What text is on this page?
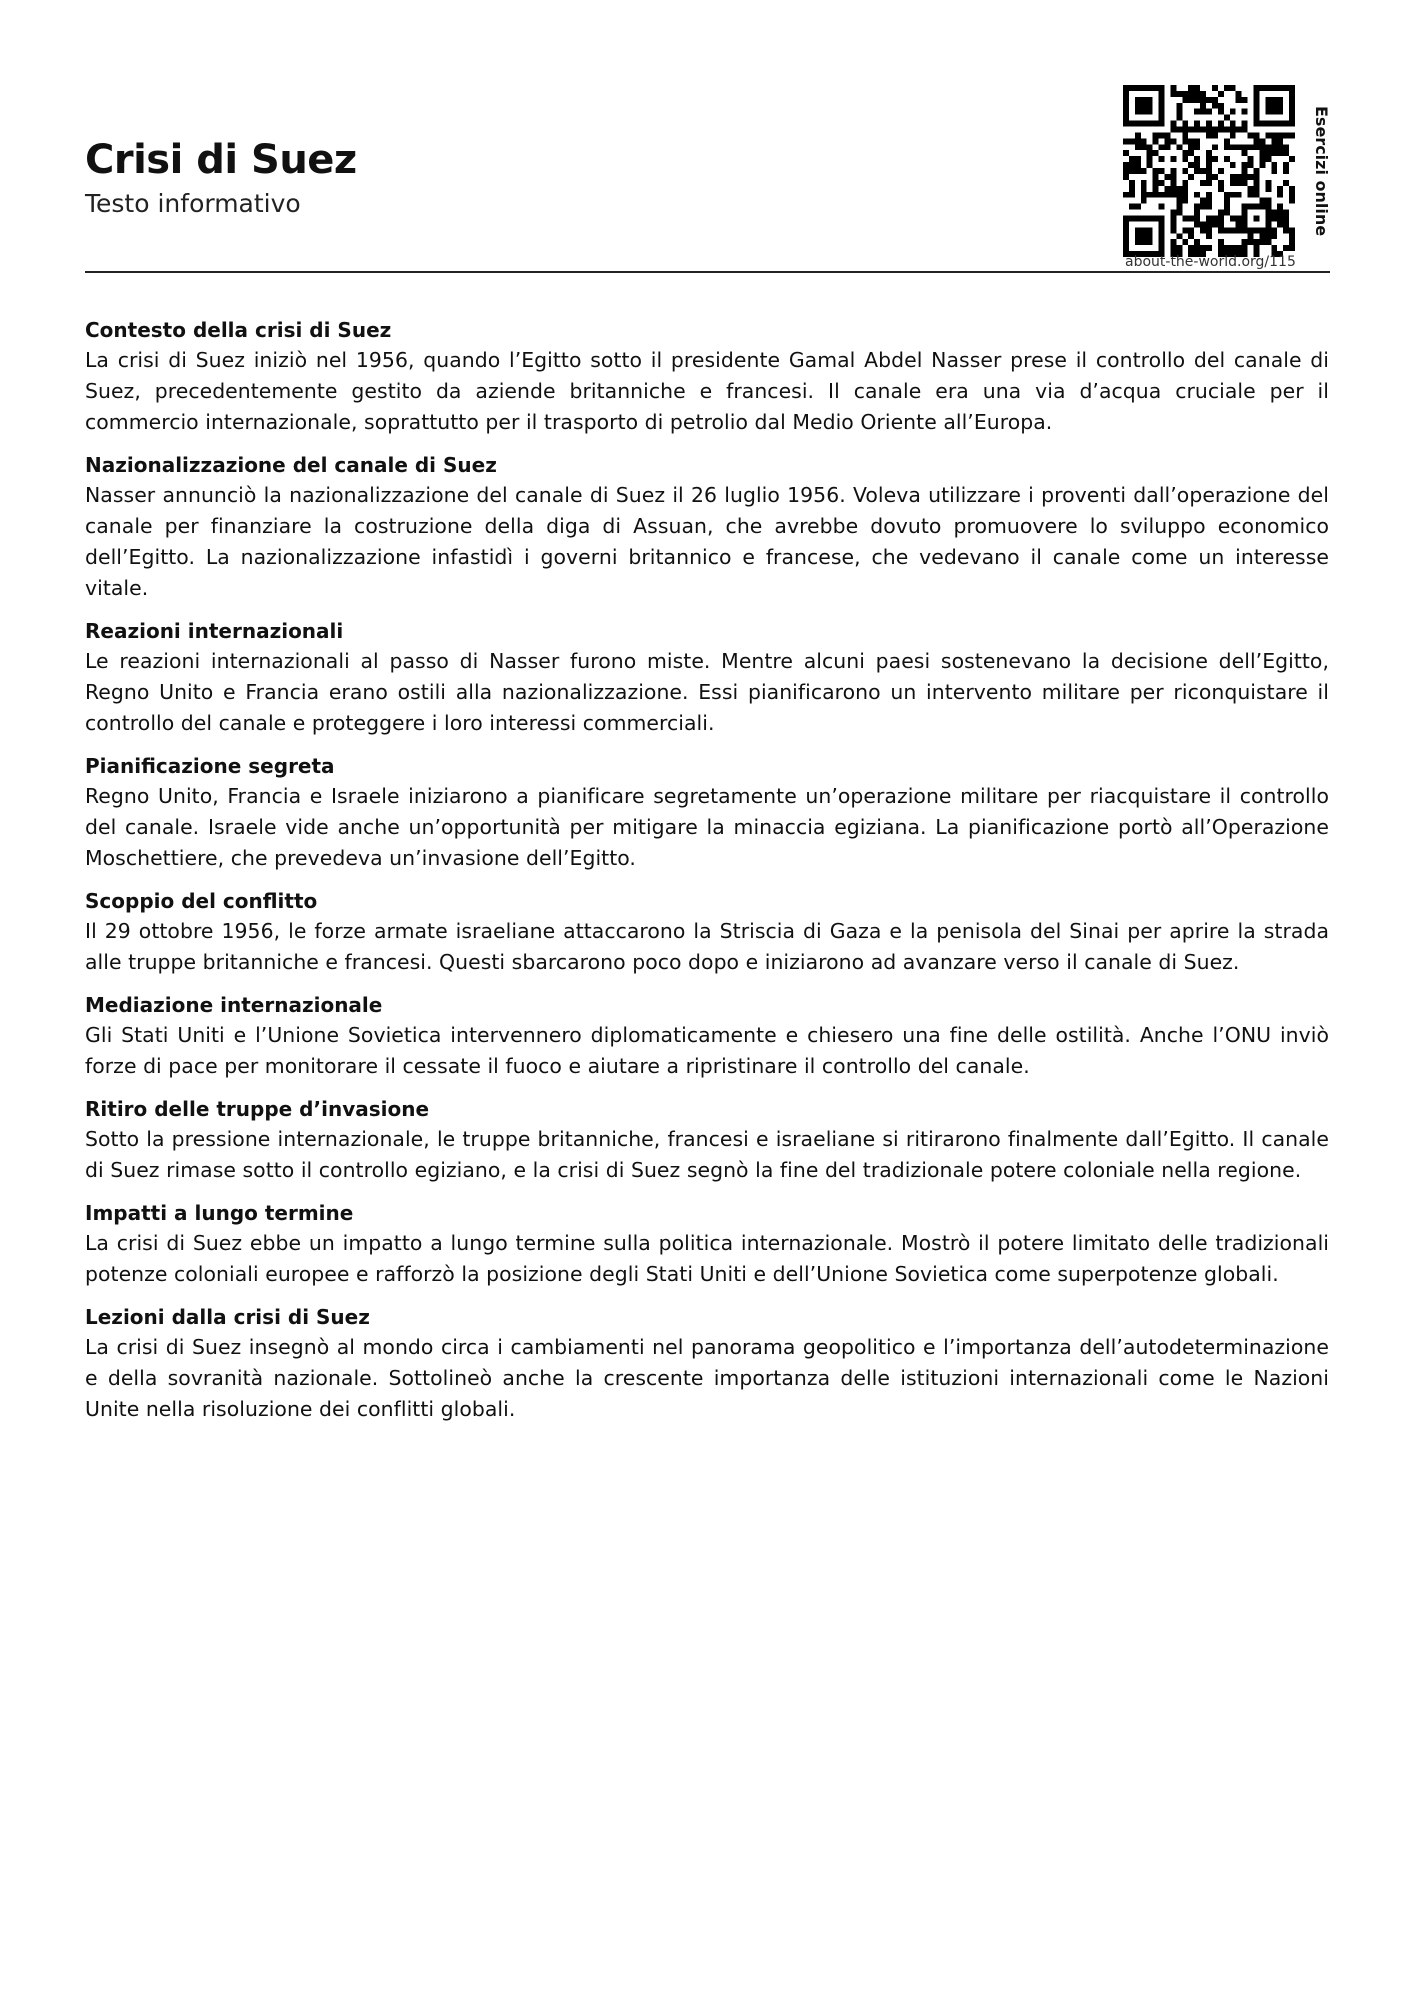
Crisi di Suez
Testo informativo
about-the-world.org/115
Esercizi online

Contesto della crisi di Suez

La crisi di Suez iniziò nel 1956, quando l’Egitto sotto il presidente Gamal Abdel Nasser prese il controllo del canale di Suez, precedentemente gestito da aziende britanniche e francesi. Il canale era una via d’acqua cruciale per il commercio internazionale, soprattutto per il trasporto di petrolio dal Medio Oriente all’Europa.

Nazionalizzazione del canale di Suez

Nasser annunciò la nazionalizzazione del canale di Suez il 26 luglio 1956. Voleva utilizzare i proventi dall’operazione del canale per finanziare la costruzione della diga di Assuan, che avrebbe dovuto promuovere lo sviluppo economico dell’Egitto. La nazionalizzazione infastidì i governi britannico e francese, che vedevano il canale come un interesse vitale.

Reazioni internazionali

Le reazioni internazionali al passo di Nasser furono miste. Mentre alcuni paesi sostenevano la decisione dell’Egitto, Regno Unito e Francia erano ostili alla nazionalizzazione. Essi pianificarono un intervento militare per riconquistare il controllo del canale e proteggere i loro interessi commerciali.

Pianificazione segreta

Regno Unito, Francia e Israele iniziarono a pianificare segretamente un’operazione militare per riacquistare il controllo del canale. Israele vide anche un’opportunità per mitigare la minaccia egiziana. La pianificazione portò all’Operazione Moschettiere, che prevedeva un’invasione dell’Egitto.

Scoppio del conflitto

Il 29 ottobre 1956, le forze armate israeliane attaccarono la Striscia di Gaza e la penisola del Sinai per aprire la strada alle truppe britanniche e francesi. Questi sbarcarono poco dopo e iniziarono ad avanzare verso il canale di Suez.

Mediazione internazionale

Gli Stati Uniti e l’Unione Sovietica intervennero diplomaticamente e chiesero una fine delle ostilità. Anche l’ONU inviò forze di pace per monitorare il cessate il fuoco e aiutare a ripristinare il controllo del canale.

Ritiro delle truppe d’invasione

Sotto la pressione internazionale, le truppe britanniche, francesi e israeliane si ritirarono finalmente dall’Egitto. Il canale di Suez rimase sotto il controllo egiziano, e la crisi di Suez segnò la fine del tradizionale potere coloniale nella regione.

Impatti a lungo termine

La crisi di Suez ebbe un impatto a lungo termine sulla politica internazionale. Mostrò il potere limitato delle tradizionali potenze coloniali europee e rafforzò la posizione degli Stati Uniti e dell’Unione Sovietica come superpotenze globali.

Lezioni dalla crisi di Suez

La crisi di Suez insegnò al mondo circa i cambiamenti nel panorama geopolitico e l’importanza dell’autodeterminazione e della sovranità nazionale. Sottolineò anche la crescente importanza delle istituzioni internazionali come le Nazioni Unite nella risoluzione dei conflitti globali.
